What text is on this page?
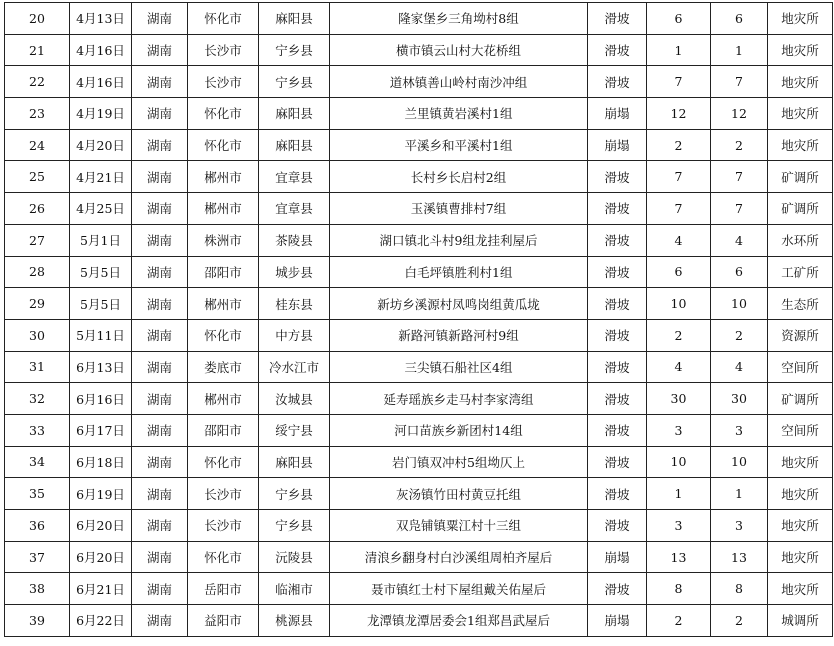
20	4月13日	湖南	怀化市	麻阳县	隆家堡乡三角坳村8组	滑坡	6	6	地灾所
21	4月16日	湖南	长沙市	宁乡县	横市镇云山村大花桥组	滑坡	1	1	地灾所
22	4月16日	湖南	长沙市	宁乡县	道林镇善山岭村南沙冲组	滑坡	7	7	地灾所
23	4月19日	湖南	怀化市	麻阳县	兰里镇黄岩溪村1组	崩塌	12	12	地灾所
24	4月20日	湖南	怀化市	麻阳县	平溪乡和平溪村1组	崩塌	2	2	地灾所
25	4月21日	湖南	郴州市	宜章县	长村乡长启村2组	滑坡	7	7	矿调所
26	4月25日	湖南	郴州市	宜章县	玉溪镇曹排村7组	滑坡	7	7	矿调所
27	5月1日	湖南	株洲市	茶陵县	湖口镇北斗村9组龙挂利屋后	滑坡	4	4	水环所
28	5月5日	湖南	邵阳市	城步县	白毛坪镇胜利村1组	滑坡	6	6	工矿所
29	5月5日	湖南	郴州市	桂东县	新坊乡溪源村凤鸣岗组黄瓜垅	滑坡	10	10	生态所
30	5月11日	湖南	怀化市	中方县	新路河镇新路河村9组	滑坡	2	2	资源所
31	6月13日	湖南	娄底市	冷水江市	三尖镇石船社区4组	滑坡	4	4	空间所
32	6月16日	湖南	郴州市	汝城县	延寿瑶族乡走马村李家湾组	滑坡	30	30	矿调所
33	6月17日	湖南	邵阳市	绥宁县	河口苗族乡新团村14组	滑坡	3	3	空间所
34	6月18日	湖南	怀化市	麻阳县	岩门镇双冲村5组坳仄上	滑坡	10	10	地灾所
35	6月19日	湖南	长沙市	宁乡县	灰汤镇竹田村黄豆托组	滑坡	1	1	地灾所
36	6月20日	湖南	长沙市	宁乡县	双凫铺镇粟江村十三组	滑坡	3	3	地灾所
37	6月20日	湖南	怀化市	沅陵县	清浪乡翻身村白沙溪组周柏齐屋后	崩塌	13	13	地灾所
38	6月21日	湖南	岳阳市	临湘市	聂市镇红士村下屋组戴关佑屋后	滑坡	8	8	地灾所
39	6月22日	湖南	益阳市	桃源县	龙潭镇龙潭居委会1组郑昌武屋后	崩塌	2	2	城调所
